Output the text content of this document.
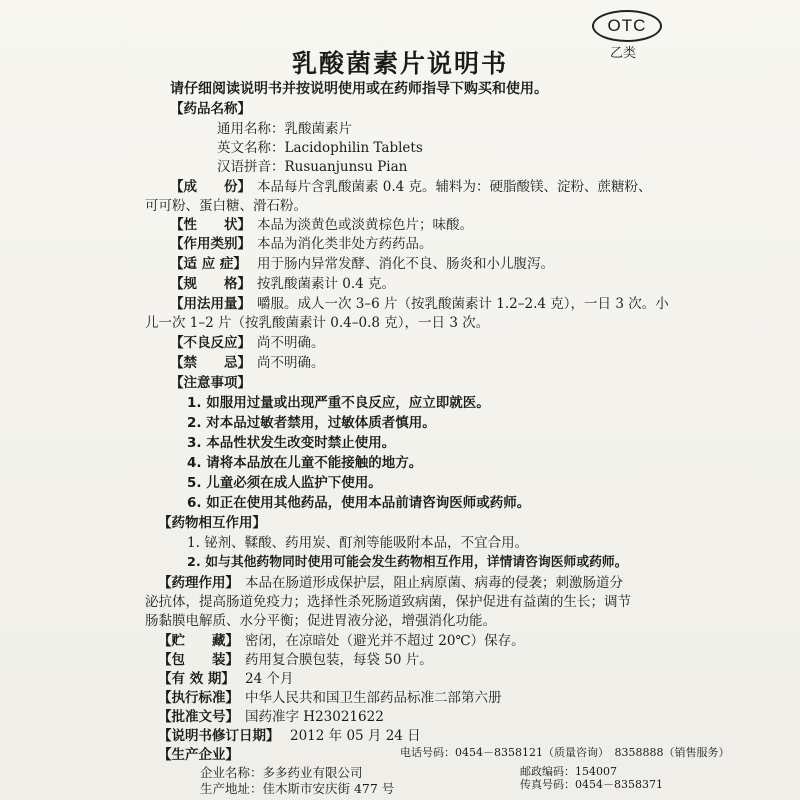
OTC
乙类
乳酸菌素片说明书
请仔细阅读说明书并按说明使用或在药师指导下购买和使用。
【药品名称】
通用名称：乳酸菌素片
英文名称：Lacidophilin Tablets
汉语拼音：Rusuanjunsu Pian
【成　　份】 本品每片含乳酸菌素 0.4 克。辅料为：硬脂酸镁、淀粉、蔗糖粉、
可可粉、蛋白糖、滑石粉。
【性　　状】 本品为淡黄色或淡黄棕色片；味酸。
【作用类别】 本品为消化类非处方药药品。
【适 应 症】 用于肠内异常发酵、消化不良、肠炎和小儿腹泻。
【规　　格】 按乳酸菌素计 0.4 克。
【用法用量】 嚼服。成人一次 3–6 片（按乳酸菌素计 1.2–2.4 克），一日 3 次。小
儿一次 1–2 片（按乳酸菌素计 0.4–0.8 克），一日 3 次。
【不良反应】 尚不明确。
【禁　　忌】 尚不明确。
【注意事项】
1. 如服用过量或出现严重不良反应，应立即就医。
2. 对本品过敏者禁用，过敏体质者慎用。
3. 本品性状发生改变时禁止使用。
4. 请将本品放在儿童不能接触的地方。
5. 儿童必须在成人监护下使用。
6. 如正在使用其他药品，使用本品前请咨询医师或药师。
【药物相互作用】
1. 铋剂、鞣酸、药用炭、酊剂等能吸附本品，不宜合用。
2. 如与其他药物同时使用可能会发生药物相互作用，详情请咨询医师或药师。
【药理作用】 本品在肠道形成保护层，阻止病原菌、病毒的侵袭；刺激肠道分
泌抗体，提高肠道免疫力；选择性杀死肠道致病菌，保护促进有益菌的生长；调节
肠黏膜电解质、水分平衡；促进胃液分泌，增强消化功能。
【贮　　藏】 密闭，在凉暗处（避光并不超过 20℃）保存。
【包　　装】 药用复合膜包装，每袋 50 片。
【有 效 期】 24 个月
【执行标准】 中华人民共和国卫生部药品标准二部第六册
【批准文号】 国药准字 H23021622
【说明书修订日期】 2012 年 05 月 24 日
【生产企业】
企业名称：多多药业有限公司
生产地址：佳木斯市安庆街 477 号
邮政编码：154007
传真号码：0454－8358371
电话号码：0454－8358121（质量咨询）　8358888（销售服务）
